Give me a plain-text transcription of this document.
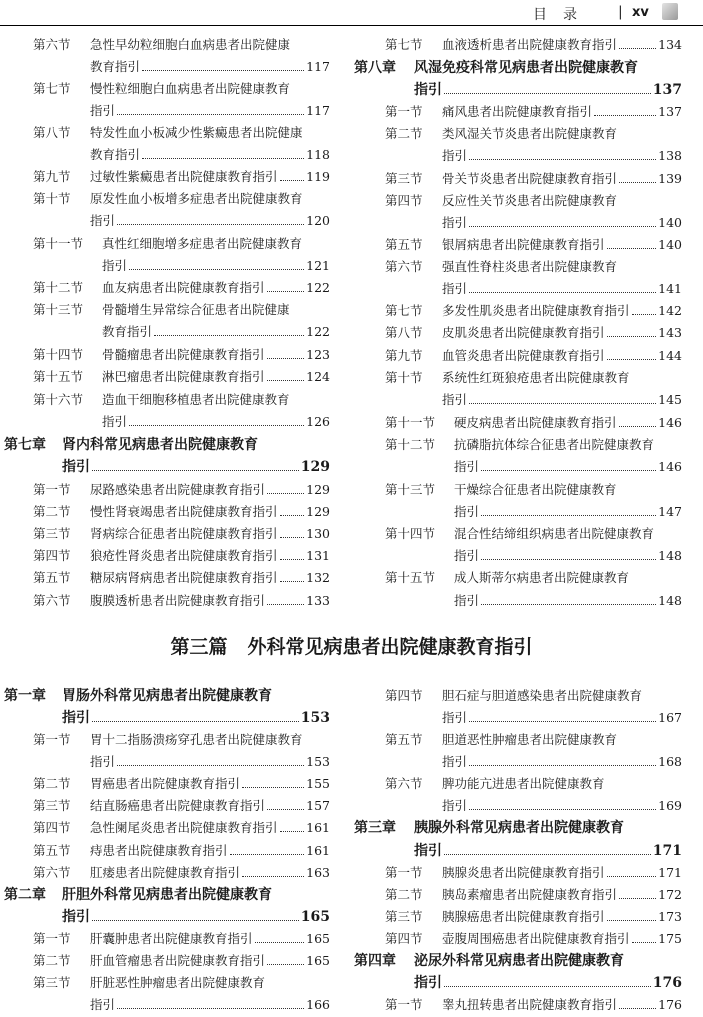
目录 | xv
第六节 急性早幼粒细胞白血病患者出院健康
教育指引	117
第七节 慢性粒细胞白血病患者出院健康教育
指引	117
第八节 特发性血小板减少性紫癜患者出院健康
教育指引	118
第九节 过敏性紫癜患者出院健康教育指引 119
第十节 原发性血小板增多症患者出院健康教育
指引	120
第十一节 真性红细胞增多症患者出院健康教育
指引	121
第十二节 血友病患者出院健康教育指引	122
第十三节 骨髓增生异常综合征患者出院健康
教育指引	122
第十四节 骨髓瘤患者出院健康教育指引	123
第十五节 淋巴瘤患者出院健康教育指引	124
第十六节 造血干细胞移植患者出院健康教育
指引	126
第七章 肾内科常见病患者出院健康教育
指引	129
第一节 尿路感染患者出院健康教育指引	129
第二节 慢性肾衰竭患者出院健康教育指引 129
第三节 肾病综合征患者出院健康教育指引 130
第四节 狼疮性肾炎患者出院健康教育指引 131
第五节 糖尿病肾病患者出院健康教育指引 132
第六节 腹膜透析患者出院健康教育指引	133
第一章 胃肠外科常见病患者出院健康教育
指引	153
第一节 胃十二指肠溃疡穿孔患者出院健康教育
指引	153
第二节 胃癌患者出院健康教育指引	155
第三节 结直肠癌患者出院健康教育指引	157
第四节 急性阑尾炎患者出院健康教育指引 161
第五节 痔患者出院健康教育指引	161
第六节 肛瘘患者出院健康教育指引	163
第二章 肝胆外科常见病患者出院健康教育
指引	165
第一节 肝囊肿患者出院健康教育指引	165
第二节 肝血管瘤患者出院健康教育指引	165
第三节 肝脏恶性肿瘤患者出院健康教育
指引	166
第七节 血液透析患者出院健康教育指引	134
第八章 风湿免疫科常见病患者出院健康教育
指引	137
第一节 痛风患者出院健康教育指引	137
第二节 类风湿关节炎患者出院健康教育
指引	138
第三节 骨关节炎患者出院健康教育指引	139
第四节 反应性关节炎患者出院健康教育
指引	140
第五节 银屑病患者出院健康教育指引	140
第六节 强直性脊柱炎患者出院健康教育
指引	141
第七节 多发性肌炎患者出院健康教育指引 142
第八节 皮肌炎患者出院健康教育指引	143
第九节 血管炎患者出院健康教育指引	144
第十节 系统性红斑狼疮患者出院健康教育
指引	145
第十一节 硬皮病患者出院健康教育指引	146
第十二节 抗磷脂抗体综合征患者出院健康教育
指引	146
第十三节 干燥综合征患者出院健康教育
指引	147
第十四节 混合性结缔组织病患者出院健康教育
指引	148
第十五节 成人斯蒂尔病患者出院健康教育
指引	148
第四节 胆石症与胆道感染患者出院健康教育
指引	167
第五节 胆道恶性肿瘤患者出院健康教育
指引	168
第六节 脾功能亢进患者出院健康教育
指引	169
第三章 胰腺外科常见病患者出院健康教育
指引	171
第一节 胰腺炎患者出院健康教育指引	171
第二节 胰岛素瘤患者出院健康教育指引	172
第三节 胰腺癌患者出院健康教育指引	173
第四节 壶腹周围癌患者出院健康教育指引 175
第四章 泌尿外科常见病患者出院健康教育
指引	176
第一节 睾丸扭转患者出院健康教育指引	176
第三篇 外科常见病患者出院健康教育指引
